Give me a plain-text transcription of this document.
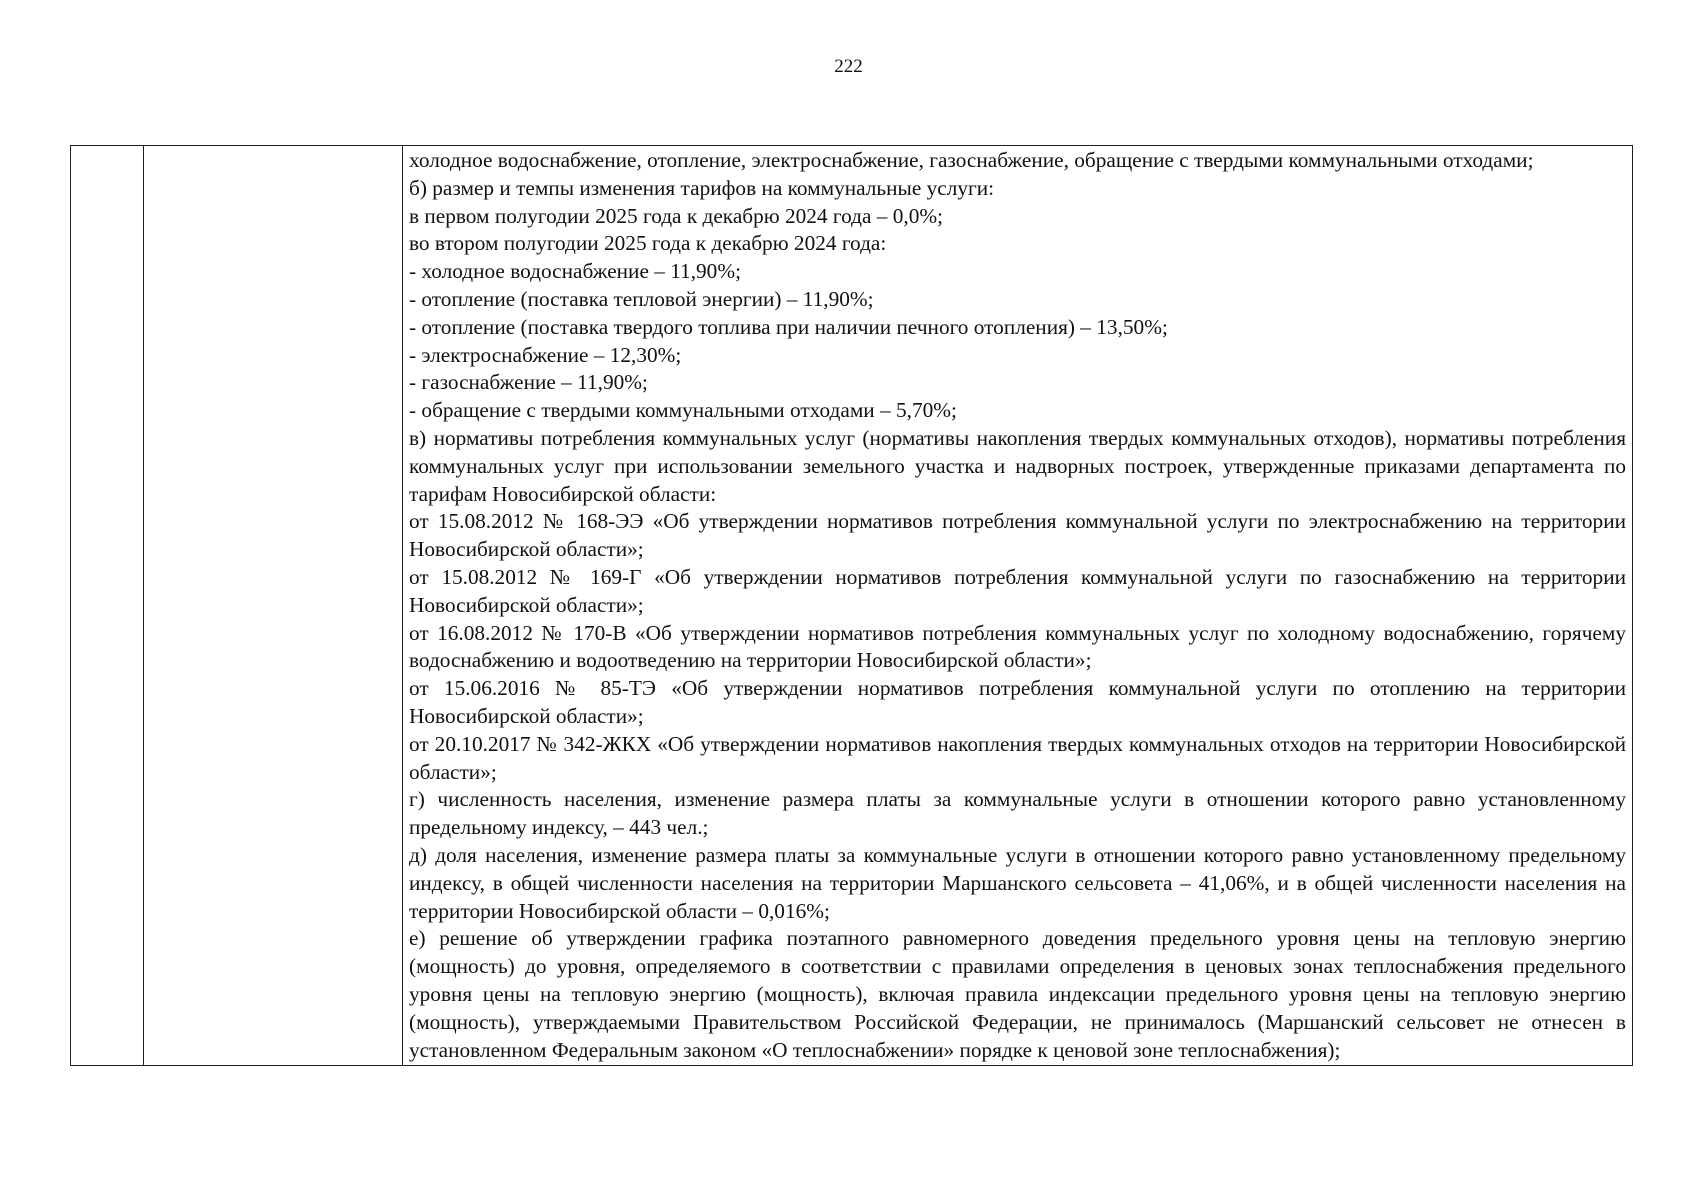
222

холодное водоснабжение, отопление, электроснабжение, газоснабжение, обращение с твердыми коммунальными отходами;

б) размер и темпы изменения тарифов на коммунальные услуги:

в первом полугодии 2025 года к декабрю 2024 года – 0,0%;

во втором полугодии 2025 года к декабрю 2024 года:

- холодное водоснабжение – 11,90%;

- отопление (поставка тепловой энергии) – 11,90%;

- отопление (поставка твердого топлива при наличии печного отопления) – 13,50%;

- электроснабжение – 12,30%;

- газоснабжение – 11,90%;

- обращение с твердыми коммунальными отходами – 5,70%;

в) нормативы потребления коммунальных услуг (нормативы накопления твердых коммунальных отходов), нормативы потребления коммунальных услуг при использовании земельного участка и надворных построек, утвержденные приказами департамента по тарифам Новосибирской области:

от 15.08.2012 № 168-ЭЭ «Об утверждении нормативов потребления коммунальной услуги по электроснабжению на территории Новосибирской области»;

от 15.08.2012 № 169-Г «Об утверждении нормативов потребления коммунальной услуги по газоснабжению на территории Новосибирской области»;

от 16.08.2012 № 170-В «Об утверждении нормативов потребления коммунальных услуг по холодному водоснабжению, горячему водоснабжению и водоотведению на территории Новосибирской области»;

от 15.06.2016 № 85-ТЭ «Об утверждении нормативов потребления коммунальной услуги по отоплению на территории Новосибирской области»;

от 20.10.2017 № 342-ЖКХ «Об утверждении нормативов накопления твердых коммунальных отходов на территории Новосибирской области»;

г) численность населения, изменение размера платы за коммунальные услуги в отношении которого равно установленному предельному индексу, – 443 чел.;

д) доля населения, изменение размера платы за коммунальные услуги в отношении которого равно установленному предельному индексу, в общей численности населения на территории Маршанского сельсовета – 41,06%, и в общей численности населения на территории Новосибирской области – 0,016%;

е) решение об утверждении графика поэтапного равномерного доведения предельного уровня цены на тепловую энергию (мощность) до уровня, определяемого в соответствии с правилами определения в ценовых зонах теплоснабжения предельного уровня цены на тепловую энергию (мощность), включая правила индексации предельного уровня цены на тепловую энергию (мощность), утверждаемыми Правительством Российской Федерации, не принималось (Маршанский сельсовет не отнесен в установленном Федеральным законом «О теплоснабжении» порядке к ценовой зоне теплоснабжения);
